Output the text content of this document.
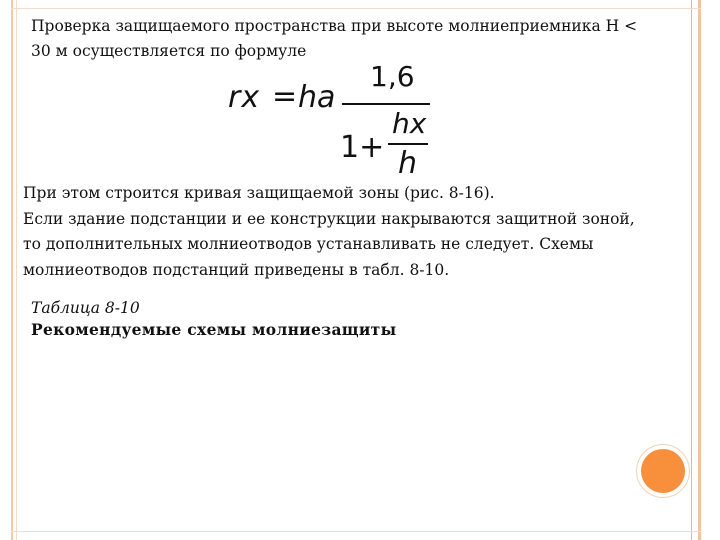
Проверка защищаемого пространства при высоте молниеприемника H <
30 м осуществляется по формуле
rx = ha
1,6
1+
hx
h
При этом строится кривая защищаемой зоны (рис. 8-16).
Если здание подстанции и ее конструкции накрываются защитной зоной,
то дополнительных молниеотводов устанавливать не следует. Схемы
молниеотводов подстанций приведены в табл. 8-10.
Таблица 8-10
Рекомендуемые схемы молниезащиты
